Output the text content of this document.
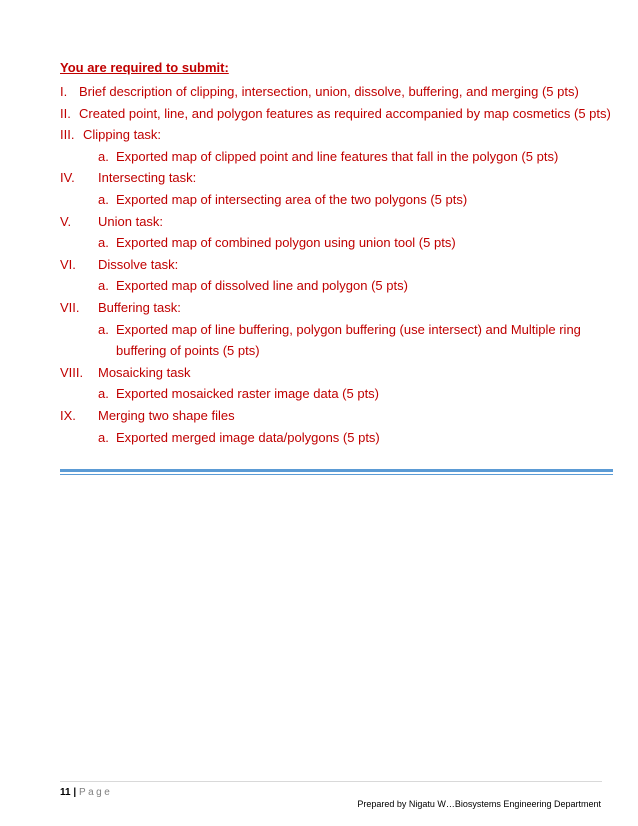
You are required to submit:

I. Brief description of clipping, intersection, union, dissolve, buffering, and merging (5 pts)
II. Created point, line, and polygon features as required accompanied by map cosmetics (5 pts)
III. Clipping task:
a. Exported map of clipped point and line features that fall in the polygon (5 pts)
IV. Intersecting task:
a. Exported map of intersecting area of the two polygons (5 pts)
V. Union task:
a. Exported map of combined polygon using union tool (5 pts)
VI. Dissolve task:
a. Exported map of dissolved line and polygon (5 pts)
VII. Buffering task:
a. Exported map of line buffering, polygon buffering (use intersect) and Multiple ring
buffering of points (5 pts)
VIII. Mosaicking task
a. Exported mosaicked raster image data (5 pts)
IX. Merging two shape files
a. Exported merged image data/polygons (5 pts)
11 | Page
Prepared by Nigatu W…Biosystems Engineering Department
